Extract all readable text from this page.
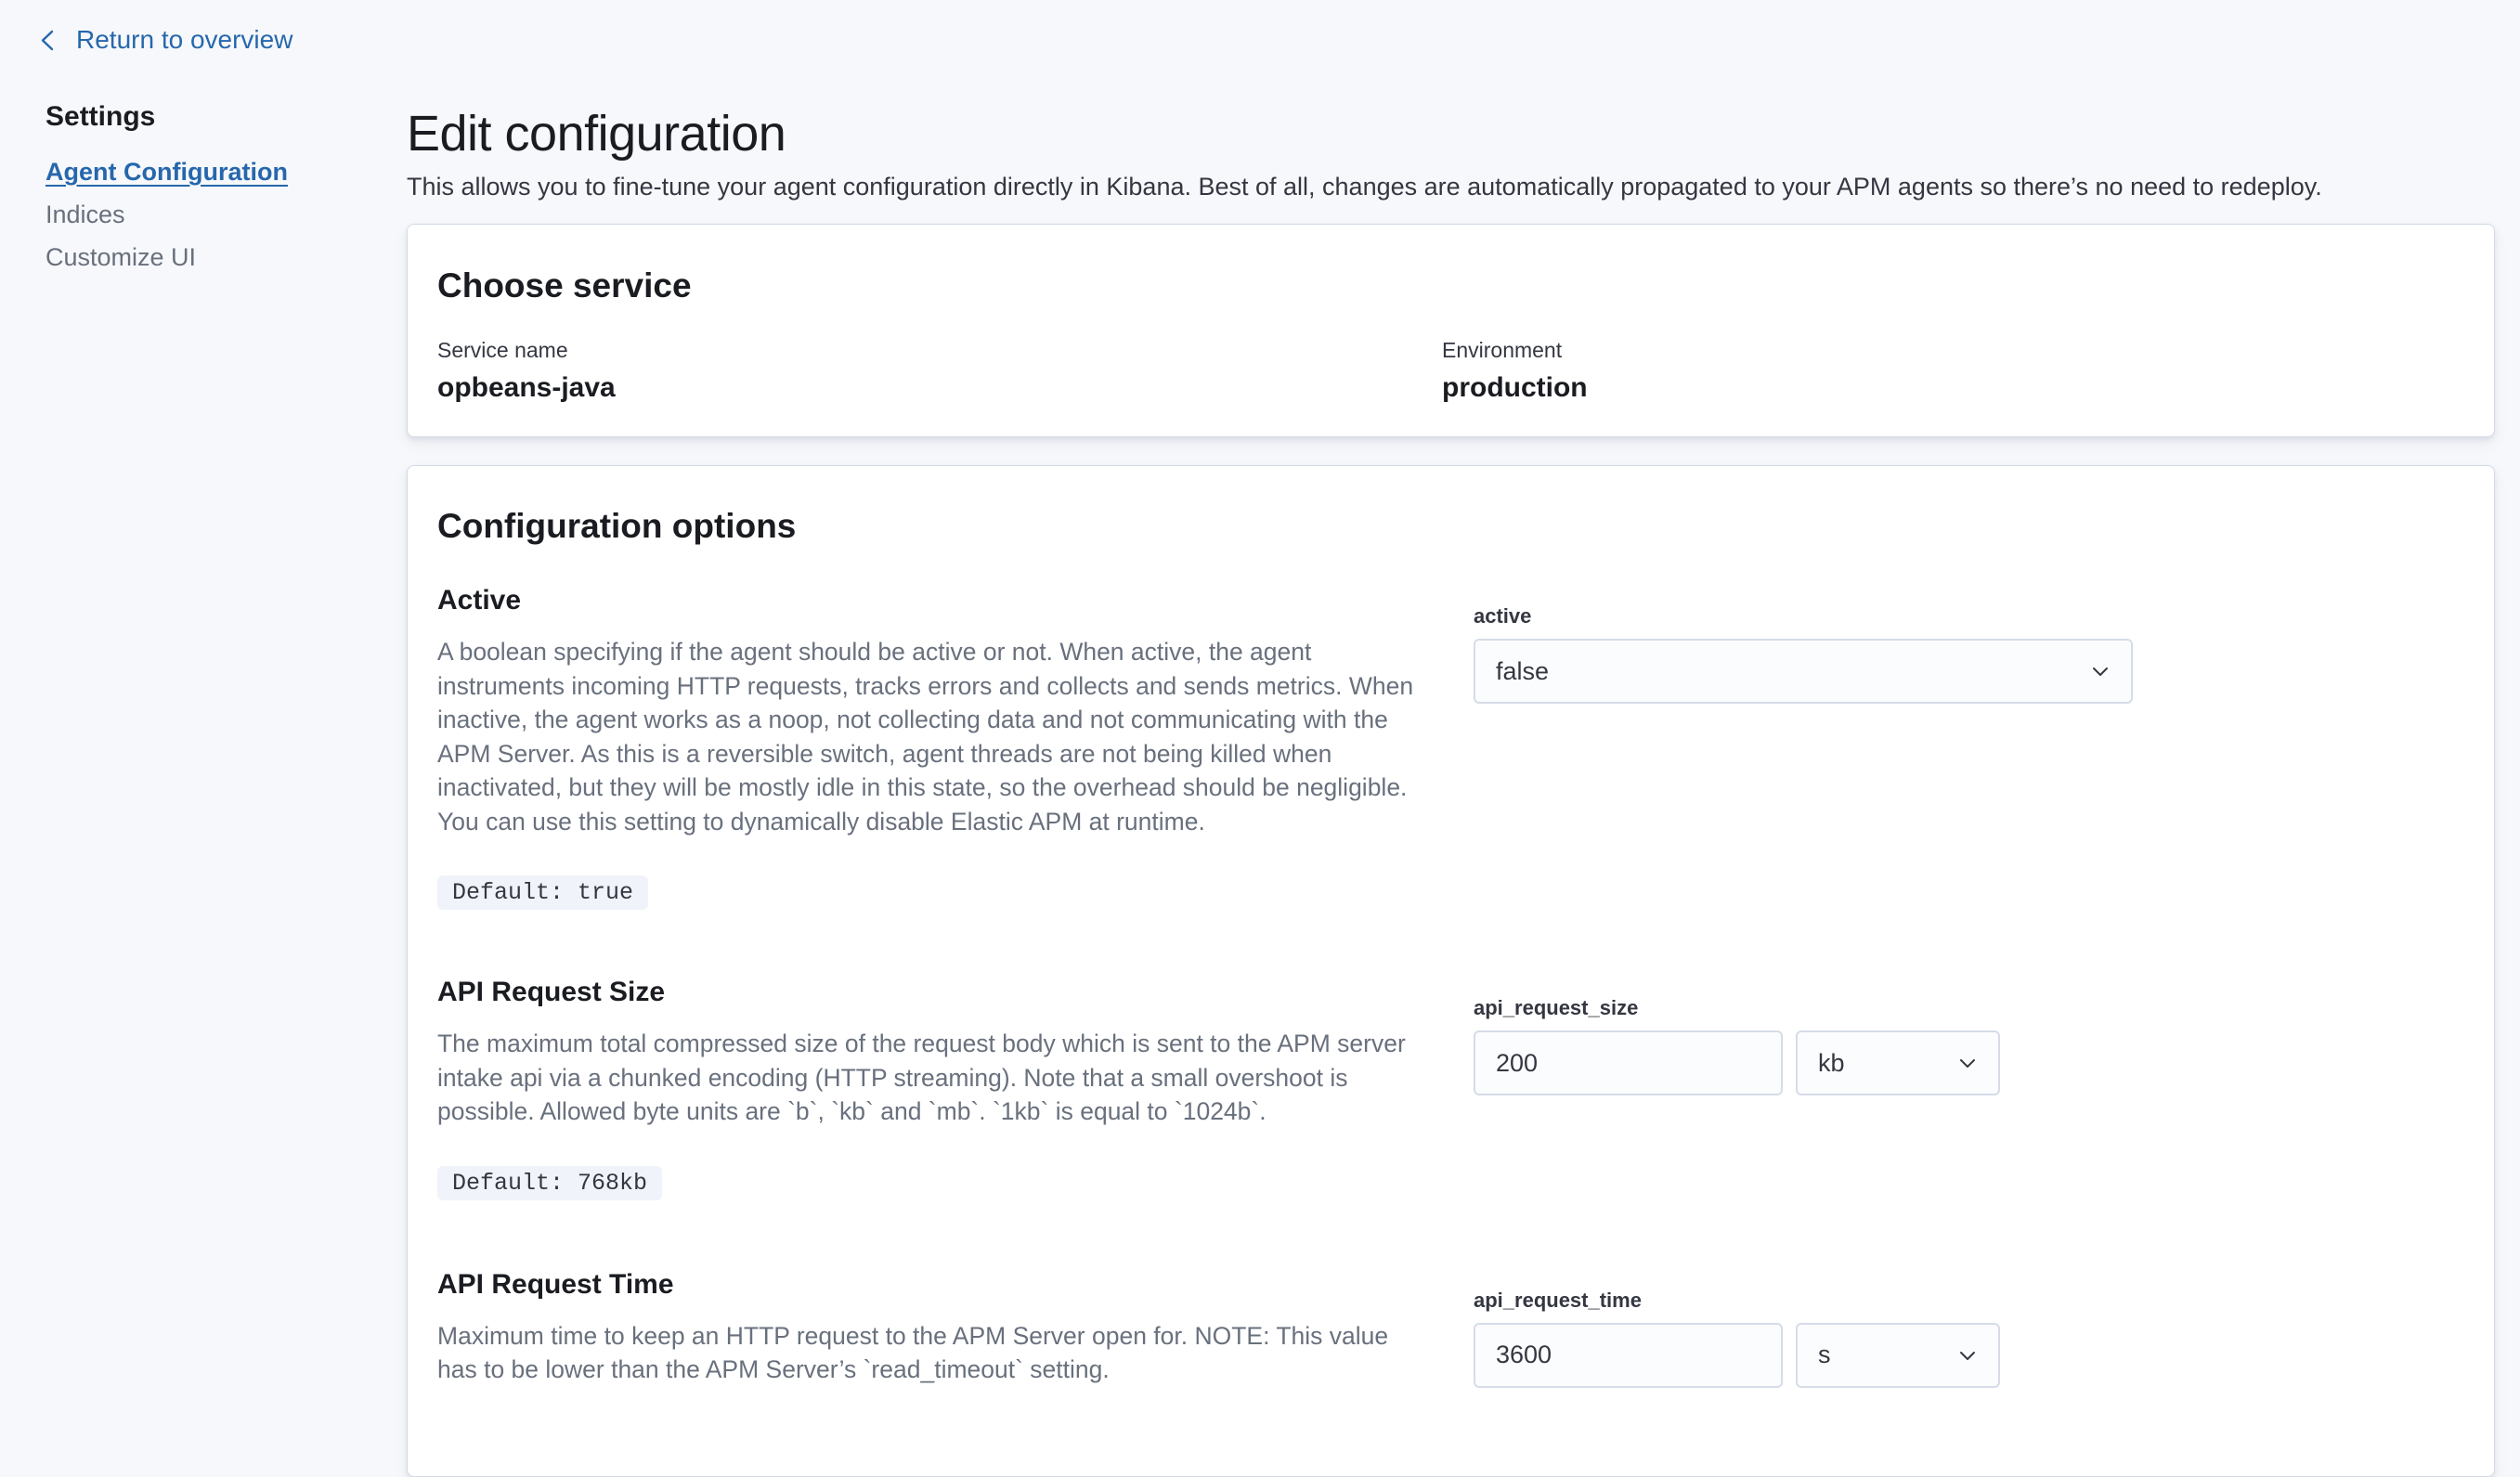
Return to overview
Settings
Agent Configuration
Indices
Customize UI
Edit configuration

This allows you to fine-tune your agent configuration directly in Kibana. Best of all, changes are automatically propagated to your APM agents so there’s no need to redeploy.

Choose service
Service name
opbeans-java
Environment
production
Configuration options
Active

A boolean specifying if the agent should be active or not. When active, the agent instruments incoming HTTP requests, tracks errors and collects and sends metrics. When inactive, the agent works as a noop, not collecting data and not communicating with the APM Server. As this is a reversible switch, agent threads are not being killed when inactivated, but they will be mostly idle in this state, so the overhead should be negligible. You can use this setting to dynamically disable Elastic APM at runtime.

Default: true
active
false
API Request Size

The maximum total compressed size of the request body which is sent to the APM server intake api via a chunked encoding (HTTP streaming). Note that a small overshoot is possible. Allowed byte units are `b`, `kb` and `mb`. `1kb` is equal to `1024b`.

Default: 768kb
api_request_size
200
kb
API Request Time

Maximum time to keep an HTTP request to the APM Server open for. NOTE: This value has to be lower than the APM Server’s `read_timeout` setting.

api_request_time
3600
s
